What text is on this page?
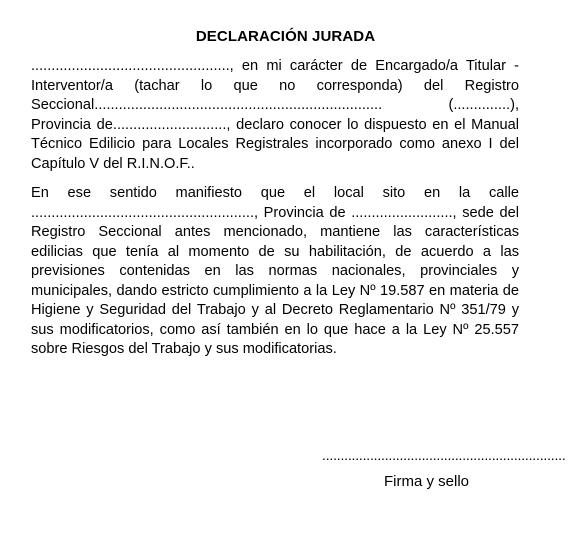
DECLARACIÓN JURADA

................................................., en mi carácter de Encargado/a Titular - Interventor/a (tachar lo que no corresponda) del Registro Seccional....................................................................... (..............), Provincia de............................, declaro conocer lo dispuesto en el Manual Técnico Edilicio para Locales Registrales incorporado como anexo I del Capítulo V del R.I.N.O.F..

En ese sentido manifiesto que el local sito en la calle ......................................................., Provincia de ........................., sede del Registro Seccional antes mencionado, mantiene las características edilicias que tenía al momento de su habilitación, de acuerdo a las previsiones contenidas en las normas nacionales, provinciales y municipales, dando estricto cumplimiento a la Ley Nº 19.587 en materia de Higiene y Seguridad del Trabajo y al Decreto Reglamentario Nº 351/79 y sus modificatorios, como así también en lo que hace a la Ley Nº 25.557 sobre Riesgos del Trabajo y sus modificatorias.

..................................................................
Firma y sello
